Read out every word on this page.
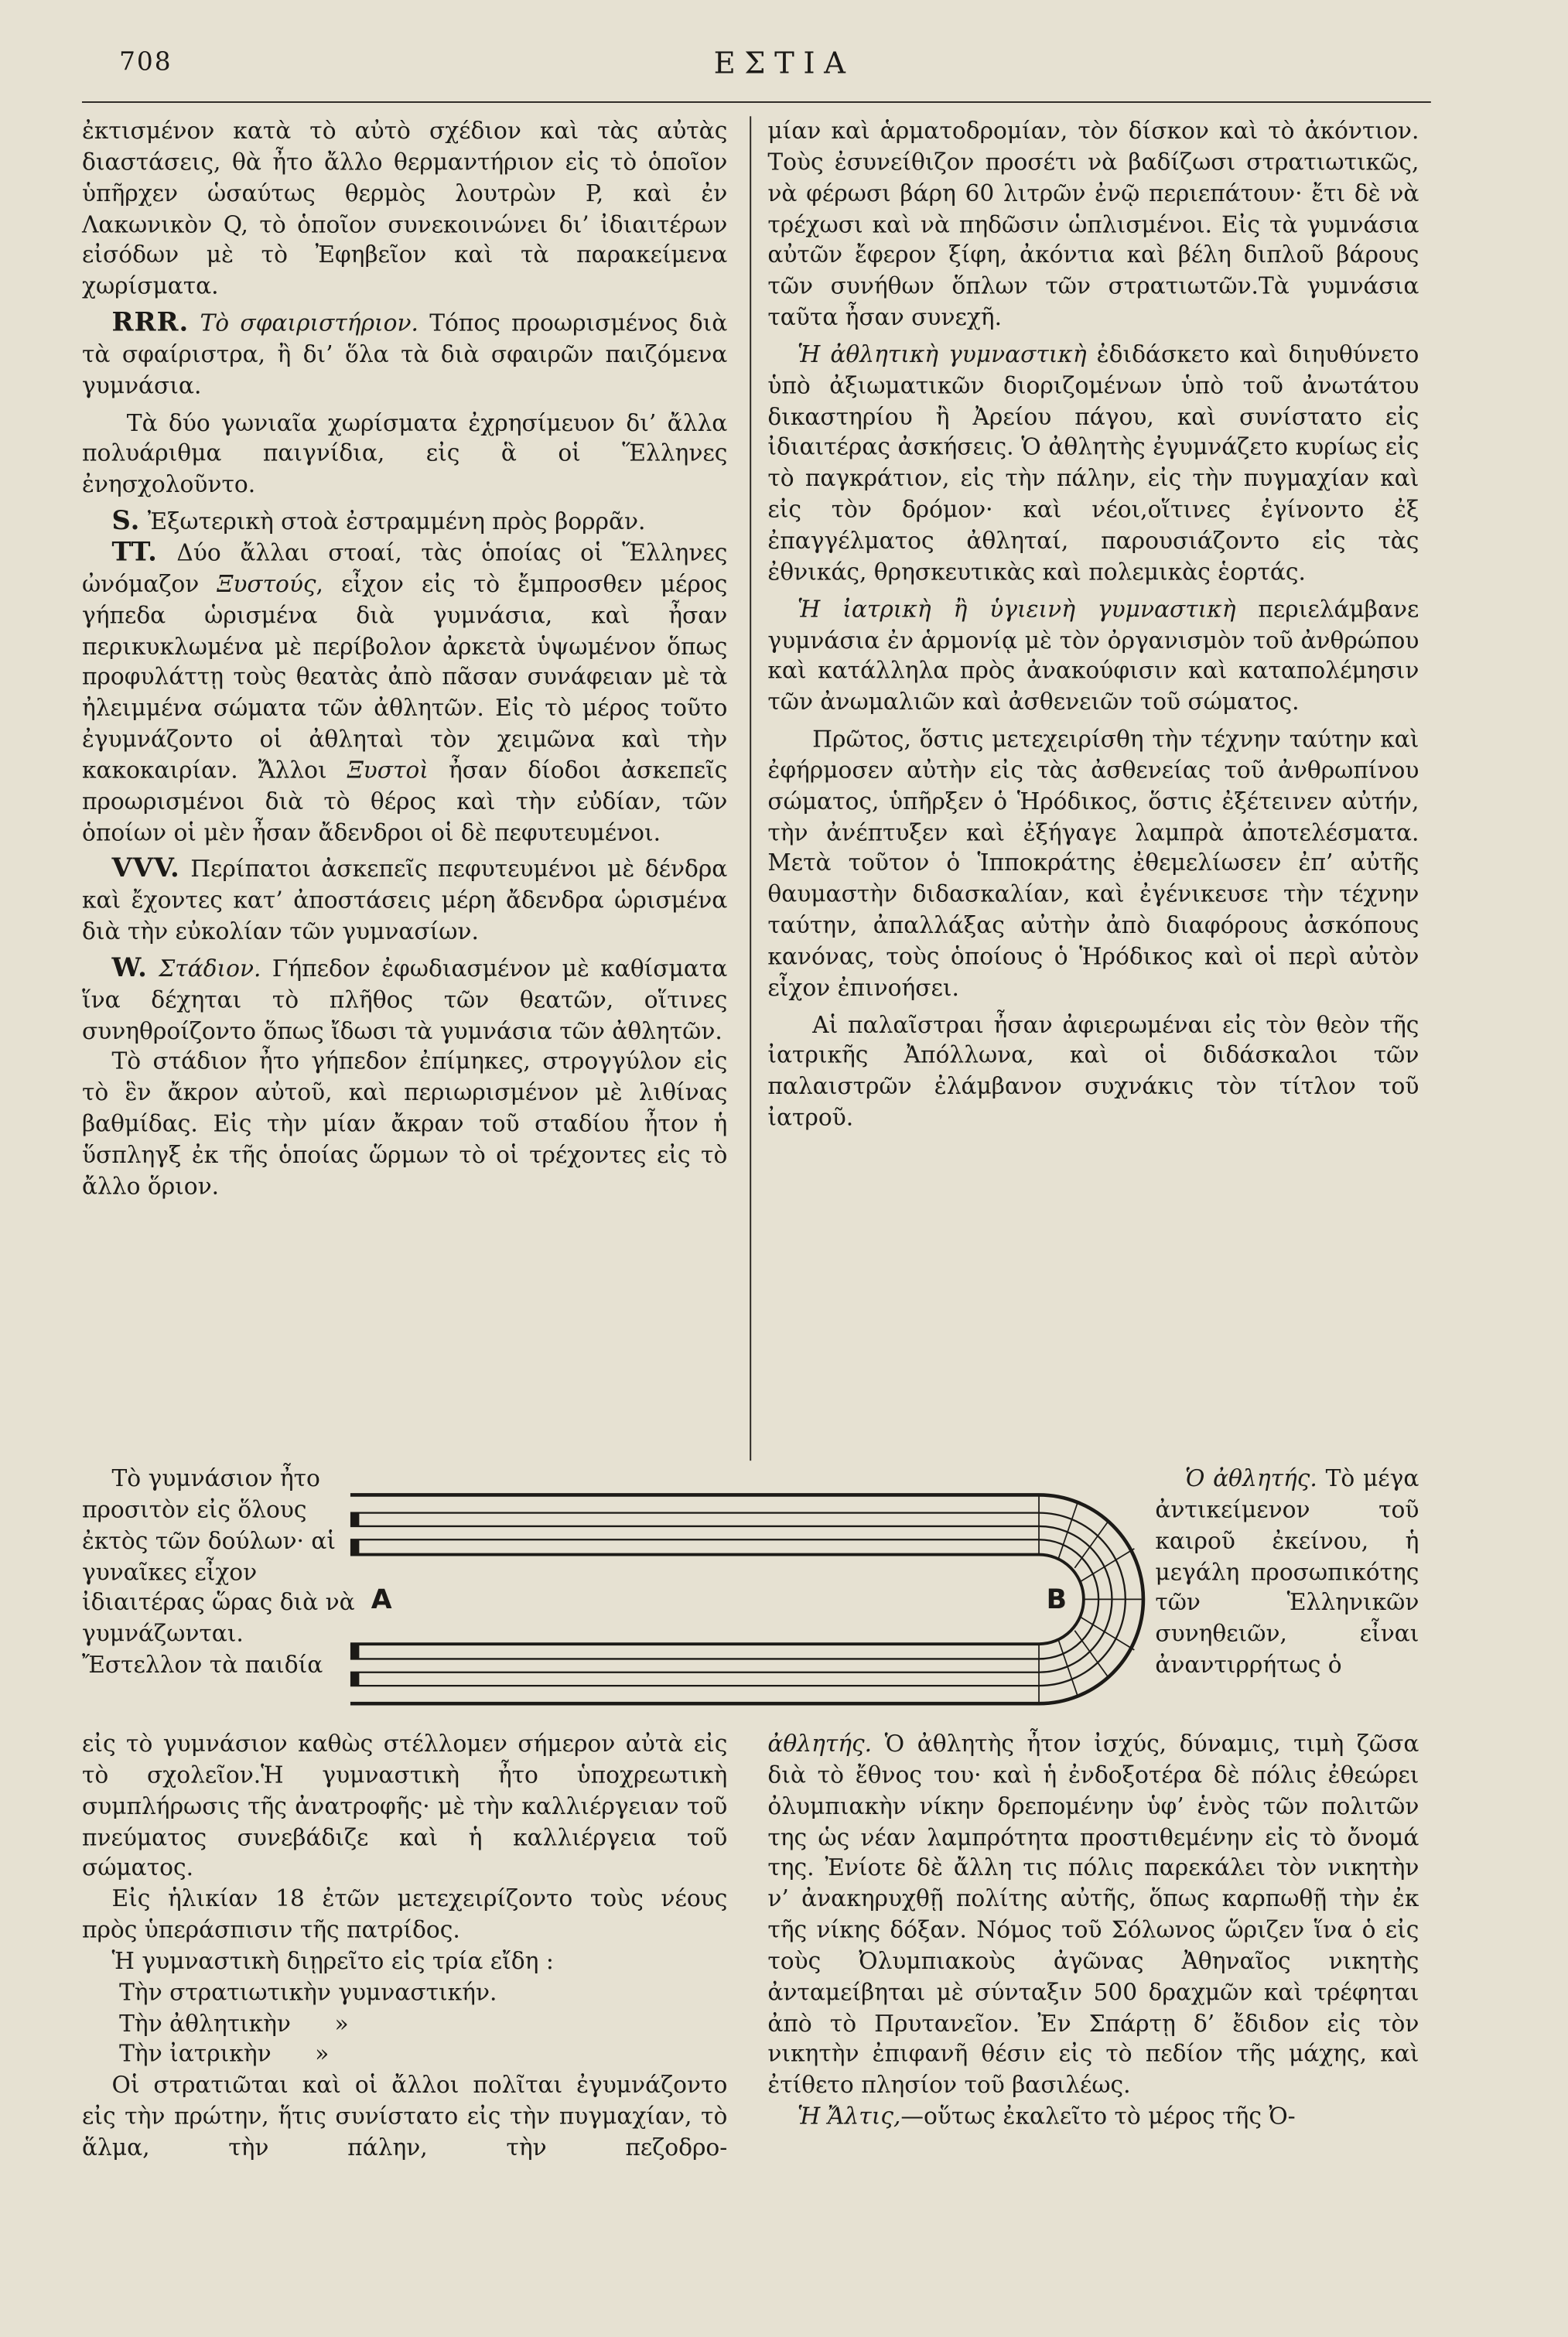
708	ΕΣΤΙΑ

ἐκτισμένον κατὰ τὸ αὐτὸ σχέδιον καὶ τὰς αὐτὰς διαστάσεις, θὰ ἦτο ἄλλο θερμαντήριον εἰς τὸ ὁποῖον ὑπῆρχεν ὡσαύτως θερμὸς λουτρὼν P, καὶ ἐν Λακωνικὸν Q, τὸ ὁποῖον συνεκοινώνει δι’ ἰδιαιτέρων εἰσόδων μὲ τὸ Ἐφηβεῖον καὶ τὰ παρακείμενα χωρίσματα.

RRR. Τὸ σφαιριστήριον. Τόπος προωρισμένος διὰ τὰ σφαίριστρα, ἢ δι’ ὅλα τὰ διὰ σφαιρῶν παιζόμενα γυμνάσια.

Τὰ δύο γωνιαῖα χωρίσματα ἐχρησίμευον δι’ ἄλλα πολυάριθμα παιγνίδια, εἰς ἃ οἱ Ἕλληνες ἐνησχολοῦντο.

S. Ἐξωτερικὴ στοὰ ἐστραμμένη πρὸς βορρᾶν.

TT. Δύο ἄλλαι στοαί, τὰς ὁποίας οἱ Ἕλληνες ὠνόμαζον Ξυστούς, εἶχον εἰς τὸ ἔμπροσθεν μέρος γήπεδα ὡρισμένα διὰ γυμνάσια, καὶ ἦσαν περικυκλωμένα μὲ περίβολον ἀρκετὰ ὑψωμένον ὅπως προφυλάττῃ τοὺς θεατὰς ἀπὸ πᾶσαν συνάφειαν μὲ τὰ ἠλειμμένα σώματα τῶν ἀθλητῶν. Εἰς τὸ μέρος τοῦτο ἐγυμνάζοντο οἱ ἀθληταὶ τὸν χειμῶνα καὶ τὴν κακοκαιρίαν. Ἄλλοι Ξυστοὶ ἦσαν δίοδοι ἀσκεπεῖς προωρισμένοι διὰ τὸ θέρος καὶ τὴν εὐδίαν, τῶν ὁποίων οἱ μὲν ἦσαν ἄδενδροι οἱ δὲ πεφυτευμένοι.

VVV. Περίπατοι ἀσκεπεῖς πεφυτευμένοι μὲ δένδρα καὶ ἔχοντες κατ’ ἀποστάσεις μέρη ἄδενδρα ὡρισμένα διὰ τὴν εὐκολίαν τῶν γυμνασίων.

W. Στάδιον. Γήπεδον ἐφωδιασμένον μὲ καθίσματα ἵνα δέχηται τὸ πλῆθος τῶν θεατῶν, οἵτινες συνηθροίζοντο ὅπως ἴδωσι τὰ γυμνάσια τῶν ἀθλητῶν.

Τὸ στάδιον ἦτο γήπεδον ἐπίμηκες, στρογγύλον εἰς τὸ ἓν ἄκρον αὐτοῦ, καὶ περιωρισμένον μὲ λιθίνας βαθμίδας. Εἰς τὴν μίαν ἄκραν τοῦ σταδίου ἦτον ἡ ὕσπληγξ ἐκ τῆς ὁποίας ὥρμων τὸ οἱ τρέχοντες εἰς τὸ ἄλλο ὅριον.

μίαν καὶ ἁρματοδρομίαν, τὸν δίσκον καὶ τὸ ἀκόντιον. Τοὺς ἐσυνείθιζον προσέτι νὰ βαδίζωσι στρατιωτικῶς, νὰ φέρωσι βάρη 60 λιτρῶν ἐνῷ περιεπάτουν· ἔτι δὲ νὰ τρέχωσι καὶ νὰ πηδῶσιν ὡπλισμένοι. Εἰς τὰ γυμνάσια αὐτῶν ἔφερον ξίφη, ἀκόντια καὶ βέλη διπλοῦ βάρους τῶν συνήθων ὅπλων τῶν στρατιωτῶν.Τὰ γυμνάσια ταῦτα ἦσαν συνεχῆ.

Ἡ ἀθλητικὴ γυμναστικὴ ἐδιδάσκετο καὶ διηυθύνετο ὑπὸ ἀξιωματικῶν διοριζομένων ὑπὸ τοῦ ἀνωτάτου δικαστηρίου ἢ Ἀρείου πάγου, καὶ συνίστατο εἰς ἰδιαιτέρας ἀσκήσεις. Ὁ ἀθλητὴς ἐγυμνάζετο κυρίως εἰς τὸ παγκράτιον, εἰς τὴν πάλην, εἰς τὴν πυγμαχίαν καὶ εἰς τὸν δρόμον· καὶ νέοι,οἵτινες ἐγίνοντο ἐξ ἐπαγγέλματος ἀθληταί, παρουσιάζοντο εἰς τὰς ἐθνικάς, θρησκευτικὰς καὶ πολεμικὰς ἑορτάς.

Ἡ ἰατρικὴ ἢ ὑγιεινὴ γυμναστικὴ περιελάμβανε γυμνάσια ἐν ἁρμονίᾳ μὲ τὸν ὀργανισμὸν τοῦ ἀνθρώπου καὶ κατάλληλα πρὸς ἀνακούφισιν καὶ καταπολέμησιν τῶν ἀνωμαλιῶν καὶ ἀσθενειῶν τοῦ σώματος.

Πρῶτος, ὅστις μετεχειρίσθη τὴν τέχνην ταύτην καὶ ἐφήρμοσεν αὐτὴν εἰς τὰς ἀσθενείας τοῦ ἀνθρωπίνου σώματος, ὑπῆρξεν ὁ Ἡρόδικος, ὅστις ἐξέτεινεν αὐτήν, τὴν ἀνέπτυξεν καὶ ἐξήγαγε λαμπρὰ ἀποτελέσματα. Μετὰ τοῦτον ὁ Ἱπποκράτης ἐθεμελίωσεν ἐπ’ αὐτῆς θαυμαστὴν διδασκαλίαν, καὶ ἐγένικευσε τὴν τέχνην ταύτην, ἀπαλλάξας αὐτὴν ἀπὸ διαφόρους ἀσκόπους κανόνας, τοὺς ὁποίους ὁ Ἡρόδικος καὶ οἱ περὶ αὐτὸν εἶχον ἐπινοήσει.

Αἱ παλαῖστραι ἦσαν ἀφιερωμέναι εἰς τὸν θεὸν τῆς ἰατρικῆς Ἀπόλλωνα, καὶ οἱ διδάσκαλοι τῶν παλαιστρῶν ἐλάμβανον συχνάκις τὸν τίτλον τοῦ ἰατροῦ.

Τὸ γυμνάσιον ἦτο προσιτὸν εἰς ὅλους ἐκτὸς τῶν δούλων· αἱ γυναῖκες εἶχον ἰδιαιτέρας ὥρας διὰ νὰ γυμνάζωνται. Ἔστελλον τὰ παιδία

Ὁ ἀθλητής. Τὸ μέγα ἀντικείμενον τοῦ καιροῦ ἐκείνου, ἡ μεγάλη προσωπικότης τῶν Ἑλληνικῶν συνηθειῶν, εἶναι ἀναντιρρήτως ὁ

A	B

εἰς τὸ γυμνάσιον καθὼς στέλλομεν σήμερον αὐτὰ εἰς τὸ σχολεῖον.Ἡ γυμναστικὴ ἦτο ὑποχρεωτικὴ συμπλήρωσις τῆς ἀνατροφῆς· μὲ τὴν καλλιέργειαν τοῦ πνεύματος συνεβάδιζε καὶ ἡ καλλιέργεια τοῦ σώματος.

Εἰς ἡλικίαν 18 ἐτῶν μετεχειρίζοντο τοὺς νέους πρὸς ὑπεράσπισιν τῆς πατρίδος.

Ἡ γυμναστικὴ διῃρεῖτο εἰς τρία εἴδη :

Τὴν στρατιωτικὴν γυμναστικήν.

Τὴν ἀθλητικὴν      »

Τὴν ἰατρικὴν      »

Οἱ στρατιῶται καὶ οἱ ἄλλοι πολῖται ἐγυμνάζοντο εἰς τὴν πρώτην, ἥτις συνίστατο εἰς τὴν πυγμαχίαν, τὸ ἅλμα, τὴν πάλην, τὴν πεζοδρο-

ἀθλητής. Ὁ ἀθλητὴς ἦτον ἰσχύς, δύναμις, τιμὴ ζῶσα διὰ τὸ ἔθνος του· καὶ ἡ ἐνδοξοτέρα δὲ πόλις ἐθεώρει ὀλυμπιακὴν νίκην δρεπομένην ὑφ’ ἑνὸς τῶν πολιτῶν της ὡς νέαν λαμπρότητα προστιθεμένην εἰς τὸ ὄνομά της. Ἐνίοτε δὲ ἄλλη τις πόλις παρεκάλει τὸν νικητὴν ν’ ἀνακηρυχθῇ πολίτης αὐτῆς, ὅπως καρπωθῇ τὴν ἐκ τῆς νίκης δόξαν. Νόμος τοῦ Σόλωνος ὥριζεν ἵνα ὁ εἰς τοὺς Ὀλυμπιακοὺς ἀγῶνας Ἀθηναῖος νικητὴς ἀνταμείβηται μὲ σύνταξιν 500 δραχμῶν καὶ τρέφηται ἀπὸ τὸ Πρυτανεῖον. Ἐν Σπάρτῃ δ’ ἔδιδον εἰς τὸν νικητὴν ἐπιφανῆ θέσιν εἰς τὸ πεδίον τῆς μάχης, καὶ ἐτίθετο πλησίον τοῦ βασιλέως.

Ἡ Ἄλτις,—οὕτως ἐκαλεῖτο τὸ μέρος τῆς Ὀ-
